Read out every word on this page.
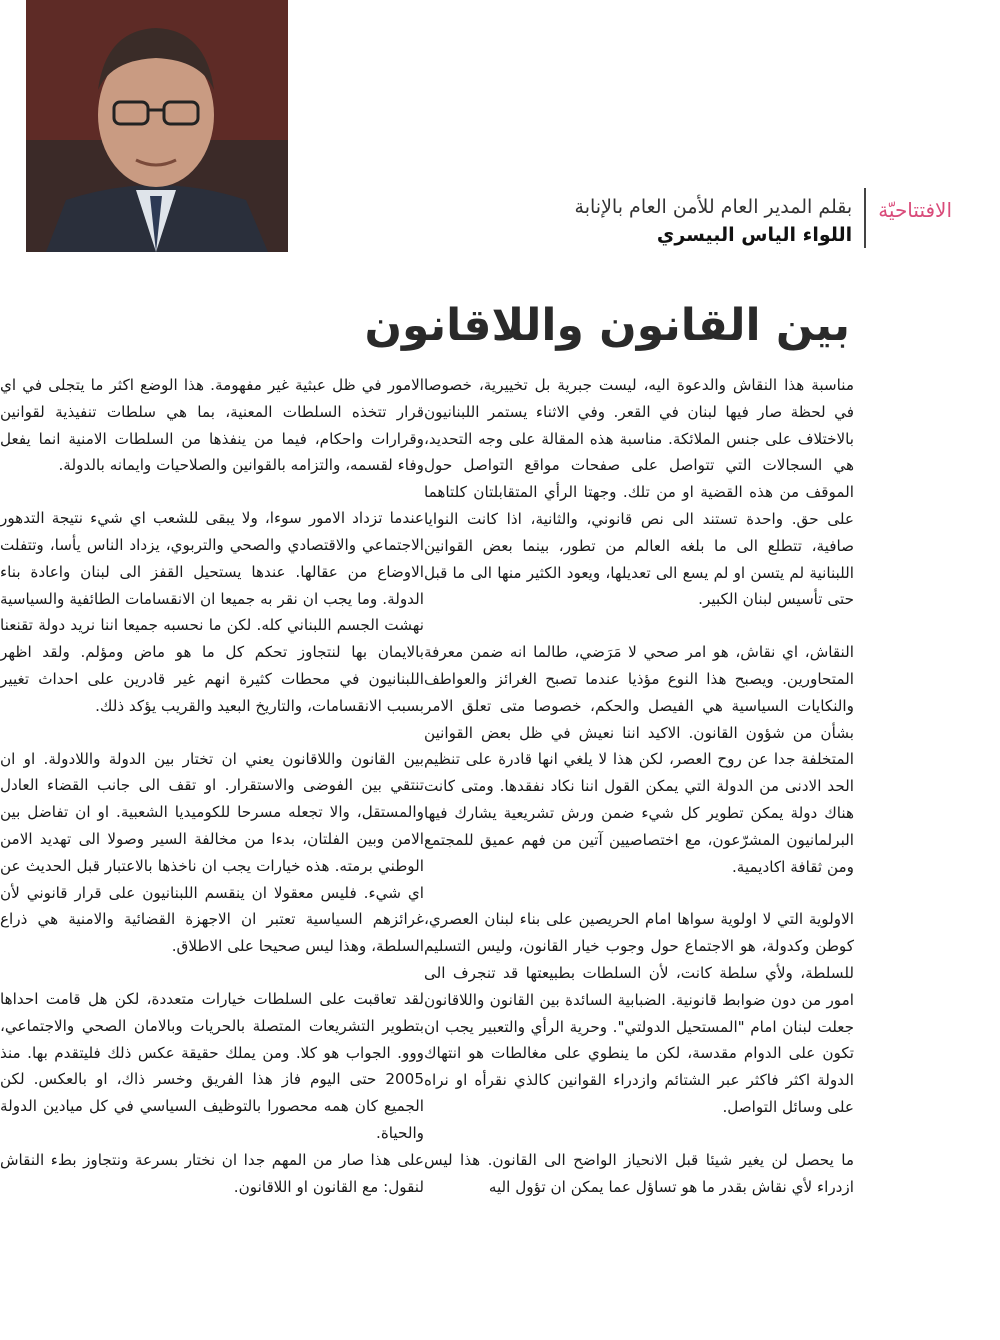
الافتتاحيّة
بقلم المدير العام للأمن العام بالإنابة
اللواء الياس البيسري
بين القانون واللاقانون

مناسبة هذا النقاش والدعوة اليه، ليست جبرية بل تخييرية، خصوصا في لحظة صار فيها لبنان في القعر. وفي الاثناء يستمر اللبنانيون بالاختلاف على جنس الملائكة. مناسبة هذه المقالة على وجه التحديد، هي السجالات التي تتواصل على صفحات مواقع التواصل حول الموقف من هذه القضية او من تلك. وجهتا الرأي المتقابلتان كلتاهما على حق. واحدة تستند الى نص قانوني، والثانية، اذا كانت النوايا صافية، تتطلع الى ما بلغه العالم من تطور، بينما بعض القوانين اللبنانية لم يتسن او لم يسع الى تعديلها، ويعود الكثير منها الى ما قبل حتى تأسيس لبنان الكبير.

النقاش، اي نقاش، هو امر صحي لا مَرَضي، طالما انه ضمن معرفة المتحاورين. ويصبح هذا النوع مؤذيا عندما تصبح الغرائز والعواطف والنكايات السياسية هي الفيصل والحكم، خصوصا متى تعلق الامر بشأن من شؤون القانون. الاكيد اننا نعيش في ظل بعض القوانين المتخلفة جدا عن روح العصر، لكن هذا لا يلغي انها قادرة على تنظيم الحد الادنى من الدولة التي يمكن القول اننا نكاد نفقدها. ومتى كانت هناك دولة يمكن تطوير كل شيء ضمن ورش تشريعية يشارك فيها البرلمانيون المشرّعون، مع اختصاصيين آتين من فهم عميق للمجتمع ومن ثقافة اكاديمية.

الاولوية التي لا اولوية سواها امام الحريصين على بناء لبنان العصري، كوطن وكدولة، هو الاجتماع حول وجوب خيار القانون، وليس التسليم للسلطة، ولأي سلطة كانت، لأن السلطات بطبيعتها قد تنجرف الى امور من دون ضوابط قانونية. الضبابية السائدة بين القانون واللاقانون جعلت لبنان امام "المستحيل الدولتي". وحرية الرأي والتعبير يجب ان تكون على الدوام مقدسة، لكن ما ينطوي على مغالطات هو انتهاك الدولة اكثر فاكثر عبر الشتائم وازدراء القوانين كالذي نقرأه او نراه على وسائل التواصل.

ما يحصل لن يغير شيئا قبل الانحياز الواضح الى القانون. هذا ليس ازدراء لأي نقاش بقدر ما هو تساؤل عما يمكن ان تؤول اليه

الامور في ظل عبثية غير مفهومة. هذا الوضع اكثر ما يتجلى في اي قرار تتخذه السلطات المعنية، بما هي سلطات تنفيذية لقوانين وقرارات واحكام، فيما من ينفذها من السلطات الامنية انما يفعل وفاء لقسمه، والتزامه بالقوانين والصلاحيات وايمانه بالدولة.

عندما تزداد الامور سوءا، ولا يبقى للشعب اي شيء نتيجة التدهور الاجتماعي والاقتصادي والصحي والتربوي، يزداد الناس يأسا، وتتفلت الاوضاع من عقالها. عندها يستحيل القفز الى لبنان واعادة بناء الدولة. وما يجب ان نقر به جميعا ان الانقسامات الطائفية والسياسية نهشت الجسم اللبناني كله. لكن ما نحسبه جميعا اننا نريد دولة تقنعنا بالايمان بها لنتجاوز تحكم كل ما هو ماض ومؤلم. ولقد اظهر اللبنانيون في محطات كثيرة انهم غير قادرين على احداث تغيير بسبب الانقسامات، والتاريخ البعيد والقريب يؤكد ذلك.

بين القانون واللاقانون يعني ان تختار بين الدولة واللادولة. او ان تنتقي بين الفوضى والاستقرار. او تقف الى جانب القضاء العادل والمستقل، والا تجعله مسرحا للكوميديا الشعبية. او ان تفاضل بين الامن وبين الفلتان، بدءا من مخالفة السير وصولا الى تهديد الامن الوطني برمته. هذه خيارات يجب ان ناخذها بالاعتبار قبل الحديث عن اي شيء. فليس معقولا ان ينقسم اللبنانيون على قرار قانوني لأن غرائزهم السياسية تعتبر ان الاجهزة القضائية والامنية هي ذراع السلطة، وهذا ليس صحيحا على الاطلاق.

لقد تعاقبت على السلطات خيارات متعددة، لكن هل قامت احداها بتطوير التشريعات المتصلة بالحريات وبالامان الصحي والاجتماعي، ووو. الجواب هو كلا. ومن يملك حقيقة عكس ذلك فليتقدم بها. منذ 2005 حتى اليوم فاز هذا الفريق وخسر ذاك، او بالعكس. لكن الجميع كان همه محصورا بالتوظيف السياسي في كل ميادين الدولة والحياة.

على هذا صار من المهم جدا ان نختار بسرعة ونتجاوز بطء النقاش لنقول: مع القانون او اللاقانون.
